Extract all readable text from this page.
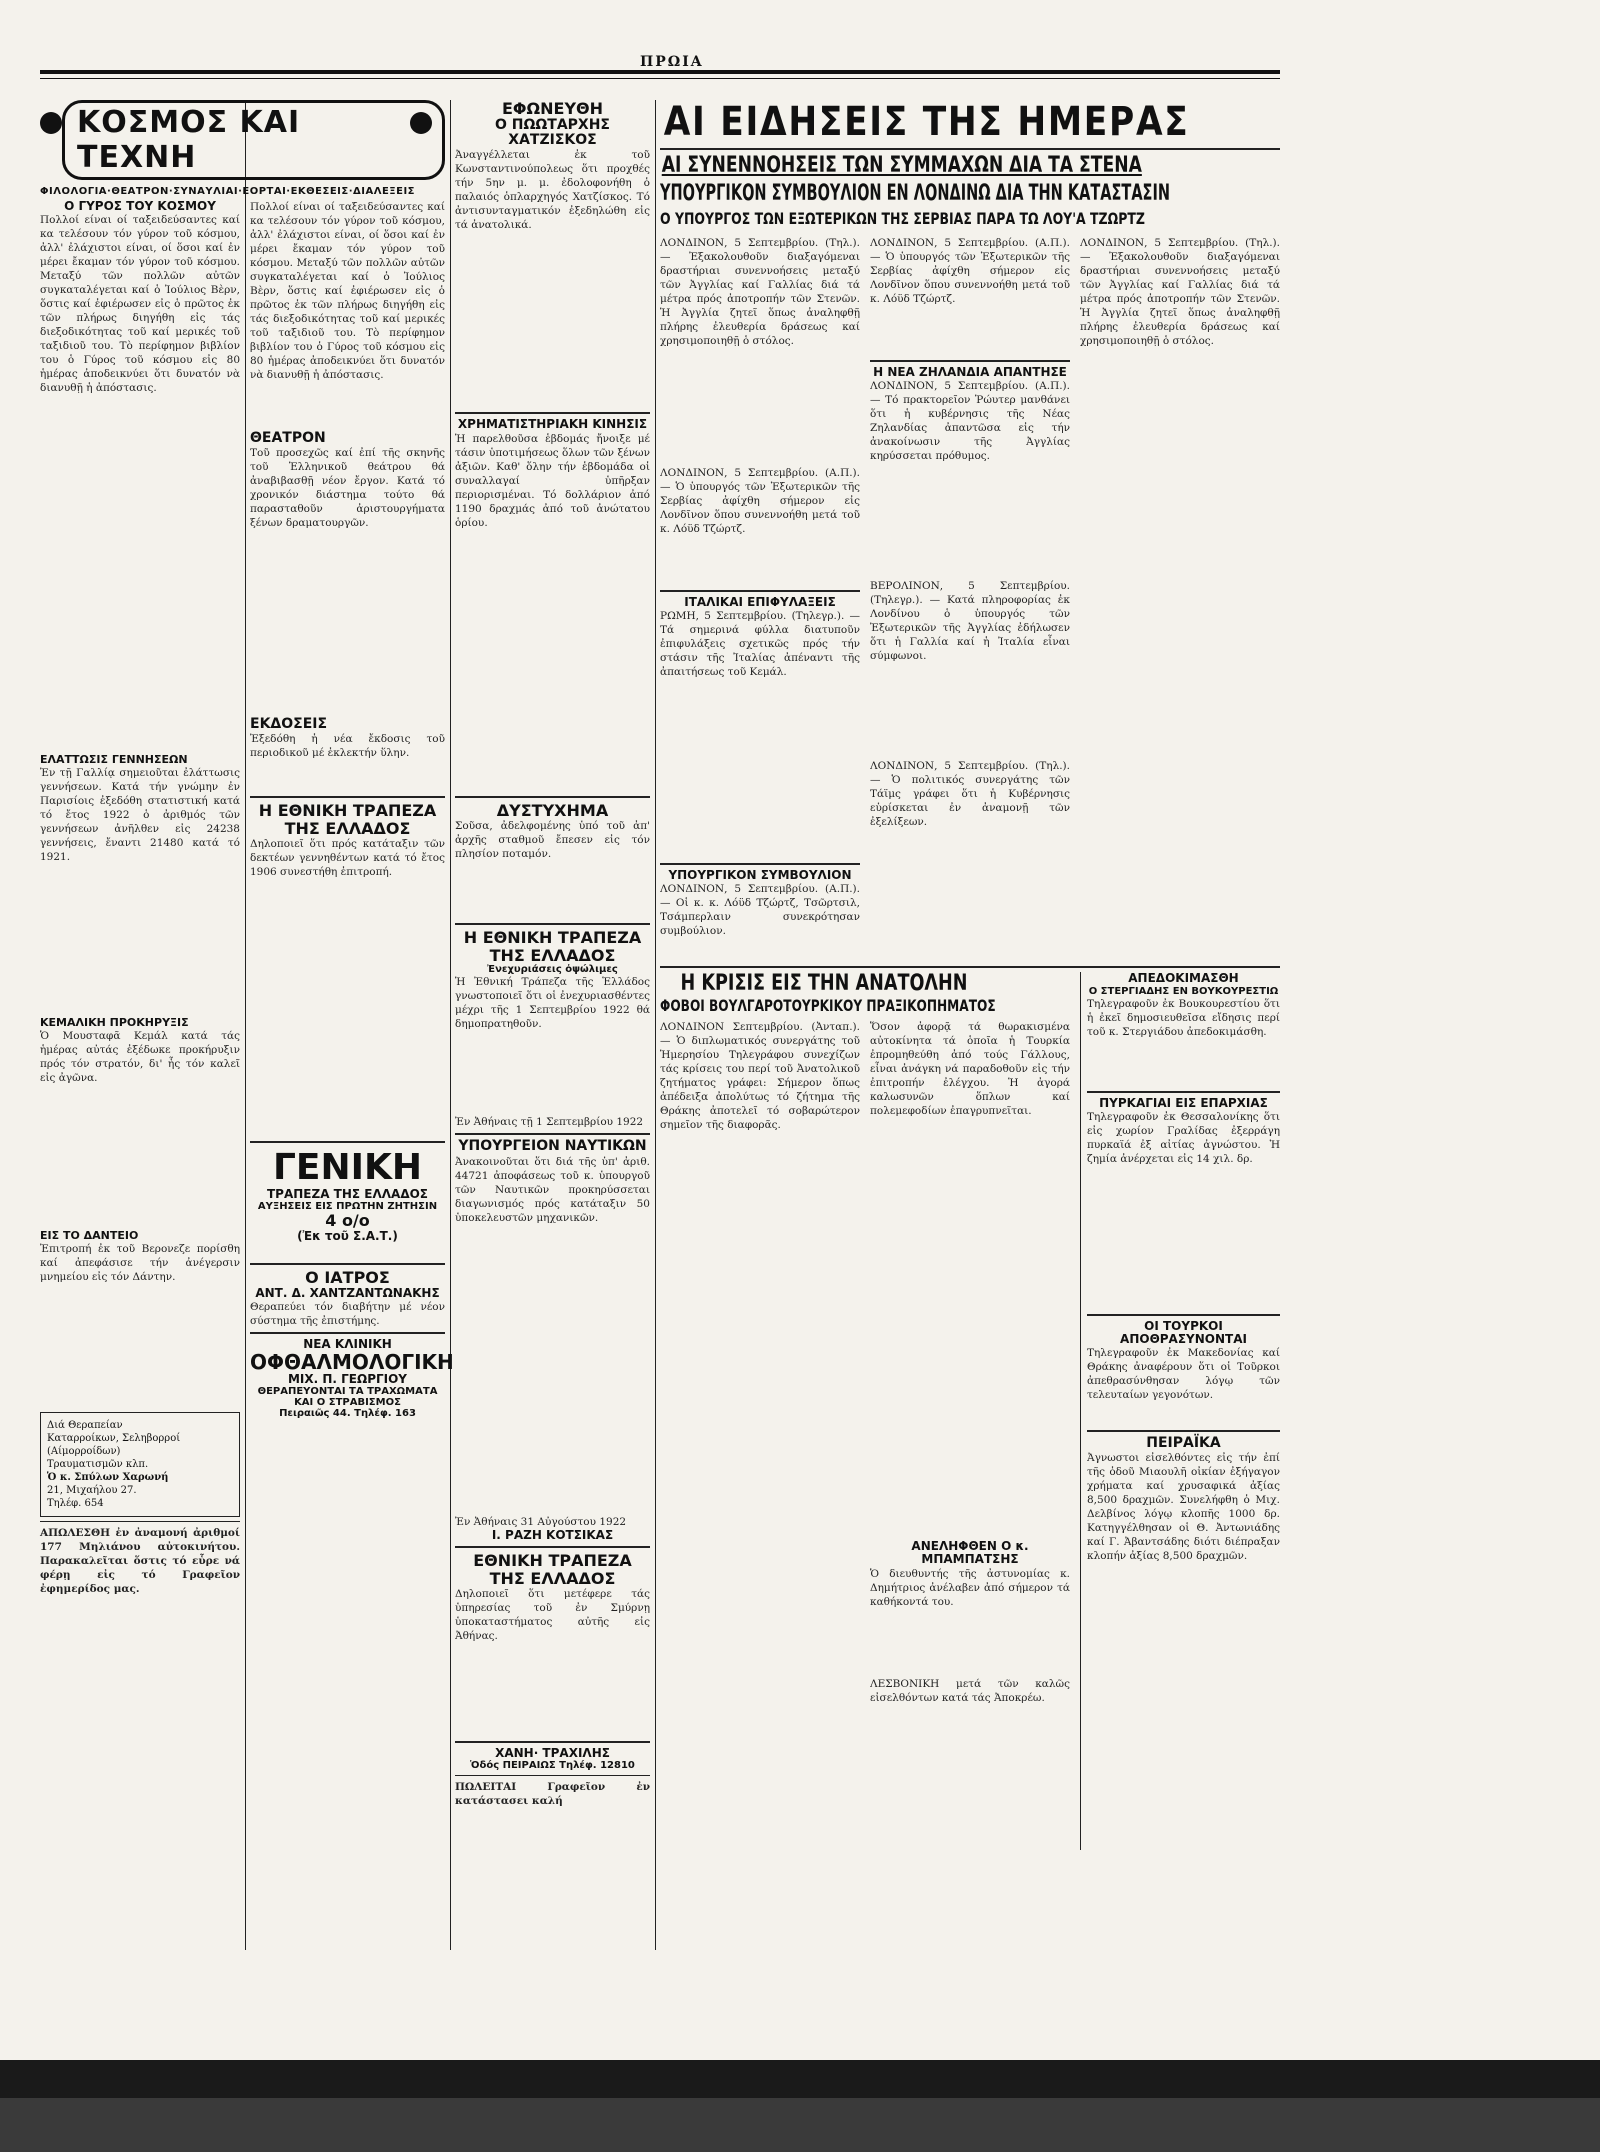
ΠΡΩΙΑ
ΚΟΣΜΟΣ ΚΑΙ ΤΕΧΝΗ
ΦΙΛΟΛΟΓΙΑ·ΘΕΑΤΡΟΝ·ΣΥΝΑΥΛΙΑΙ·ΕΟΡΤΑΙ·ΕΚΘΕΣΕΙΣ·ΔΙΑΛΕΞΕΙΣ
Ο ΓΥΡΟΣ ΤΟΥ ΚΟΣΜΟΥ
Πολλοί είναι οί ταξειδεύσαντες καί κα τελέσουν τόν γύρον τοῦ κόσμου, ἀλλ' ἐλάχιστοι είναι, οί ὅσοι καί ἐν μέρει ἔκαμαν τόν γύρον τοῦ κόσμου. Μεταξύ τῶν πολλῶν αὐτῶν συγκαταλέγεται καί ὁ Ἰούλιος Βὲρν, ὅστις καί ἐφιέρωσεν εἰς ὁ πρῶτος ἐκ τῶν πλήρως διηγήθη εἰς τάς διεξοδικότητας τοῦ καί μερικές τοῦ ταξιδιοῦ του. Τὸ περίφημον βιβλίον του ὁ Γύρος τοῦ κόσμου εἰς 80 ἡμέρας ἀποδεικνύει ὅτι δυνατόν νὰ διανυθῇ ἡ ἀπόστασις.
ΕΛΑΤΤΩΣΙΣ ΓΕΝΝΗΣΕΩΝ
Ἐν τῇ Γαλλίᾳ σημειοῦται ἐλάττωσις γεννήσεων. Κατά τήν γνώμην ἐν Παρισίοις ἐξεδόθη στατιστική κατά τό ἔτος 1922 ὁ ἀριθμός τῶν γεννήσεων ἀνῆλθεν εἰς 24238 γεννήσεις, ἔναντι 21480 κατά τό 1921.
ΚΕΜΑΛΙΚΗ ΠΡΟΚΗΡΥΞΙΣ
Ὁ Μουσταφᾶ Κεμάλ κατά τάς ἡμέρας αὐτάς ἐξέδωκε προκήρυξιν πρός τόν στρατόν, δι' ἧς τόν καλεῖ εἰς ἀγῶνα.
ΕΙΣ ΤΟ ΔΑΝΤΕΙΟ
Ἐπιτροπή ἐκ τοῦ Βερονεζε πορίσθη καί ἀπεφάσισε τήν ἀνέγερσιν μνημείου εἰς τόν Δάντην.
Διά Θεραπείαν
Καταρροίκων, Σεληβορροί (Αίμορροίδων)
Τραυματισμῶν κλπ.
Ὁ κ. Σπύλων Χαρωνή
21, Μιχαήλου 27.
Τηλέφ. 654
ΑΠΩΛΕΣΘΗ ἐν ἀναμονή ἀριθμοί 177 Μηλιάνου αὐτοκινήτου. Παρακαλεῖται ὅστις τό εὗρε νά φέρῃ εἰς τό Γραφεῖον ἐφημερίδος μας.
Πολλοί είναι οί ταξειδεύσαντες καί κα τελέσουν τόν γύρον τοῦ κόσμου, ἀλλ' ἐλάχιστοι είναι, οί ὅσοι καί ἐν μέρει ἔκαμαν τόν γύρον τοῦ κόσμου. Μεταξύ τῶν πολλῶν αὐτῶν συγκαταλέγεται καί ὁ Ἰούλιος Βὲρν, ὅστις καί ἐφιέρωσεν εἰς ὁ πρῶτος ἐκ τῶν πλήρως διηγήθη εἰς τάς διεξοδικότητας τοῦ καί μερικές τοῦ ταξιδιοῦ του. Τὸ περίφημον βιβλίον του ὁ Γύρος τοῦ κόσμου εἰς 80 ἡμέρας ἀποδεικνύει ὅτι δυνατόν νὰ διανυθῇ ἡ ἀπόστασις.
ΘΕΑΤΡΟΝ
Τοῦ προσεχῶς καί ἐπί τῆς σκηνῆς τοῦ Ἑλληνικοῦ θεάτρου θά ἀναβιβασθῇ νέον ἔργον. Κατά τό χρονικόν διάστημα τούτο θά παρασταθοῦν ἀριστουργήματα ξένων δραματουργῶν.
ΕΚΔΟΣΕΙΣ
Ἐξεδόθη ἡ νέα ἔκδοσις τοῦ περιοδικοῦ μέ ἐκλεκτήν ὕλην.
Η ΕΘΝΙΚΗ ΤΡΑΠΕΖΑ ΤΗΣ ΕΛΛΑΔΟΣ
Δηλοποιεῖ ὅτι πρός κατάταξιν τῶν δεκτέων γεννηθέντων κατά τό ἔτος 1906 συνεστήθη ἐπιτροπή.
ΓΕΝΙΚΗ
ΤΡΑΠΕΖΑ ΤΗΣ ΕΛΛΑΔΟΣ
ΑΥΞΗΣΕΙΣ ΕΙΣ ΠΡΩΤΗΝ ΖΗΤΗΣΙΝ
4 o/o
(Ἐκ τοῦ Σ.Α.Τ.)
Ο ΙΑΤΡΟΣ
ΑΝΤ. Δ. ΧΑΝΤΖΑΝΤΩΝΑΚΗΣ
Θεραπεύει τόν διαβήτην μέ νέον σύστημα τῆς ἐπιστήμης.
ΝΕΑ ΚΛΙΝΙΚΗ
ΟΦΘΑΛΜΟΛΟΓΙΚΗ
ΜΙΧ. Π. ΓΕΩΡΓΙΟΥ
ΘΕΡΑΠΕΥΟΝΤΑΙ ΤΑ ΤΡΑΧΩΜΑΤΑ ΚΑΙ Ο ΣΤΡΑΒΙΣΜΟΣ
Πειραιῶς 44. Τηλέφ. 163
ΕΦΩΝΕΥΘΗ
Ο ΠΩΩΤΑΡΧΗΣ ΧΑΤΖΙΣΚΟΣ
Ἀναγγέλλεται ἐκ τοῦ Κωνσταντινούπολεως ὅτι προχθές τήν 5ην μ. μ. ἐδολοφονήθη ὁ παλαιός ὁπλαρχηγός Χατζίσκος. Τό ἀντισυνταγματικόν ἐξεδηλώθη εἰς τά ἀνατολικά.
ΧΡΗΜΑΤΙΣΤΗΡΙΑΚΗ ΚΙΝΗΣΙΣ
Ἡ παρελθοῦσα ἑβδομάς ἤνοιξε μέ τάσιν ὑποτιμήσεως ὅλων τῶν ξένων ἀξιῶν. Καθ' ὅλην τήν ἑβδομάδα οἱ συναλλαγαί ὑπῆρξαν περιορισμέναι. Τό δολλάριον ἀπό 1190 δραχμάς ἀπό τοῦ ἀνώτατου ὁρίου.
ΔΥΣΤΥΧΗΜΑ
Σοῦσα, ἀδελφομένης ὑπό τοῦ ἀπ' ἀρχῆς σταθμοῦ ἔπεσεν εἰς τόν πλησίον ποταμόν.
Η ΕΘΝΙΚΗ ΤΡΑΠΕΖΑ ΤΗΣ ΕΛΛΑΔΟΣ
Ἐνεχυριάσεις ὀψώλιμες
Ἡ Ἐθνική Τράπεζα τῆς Ἑλλάδος γνωστοποιεῖ ὅτι οἱ ἐνεχυριασθέντες μέχρι τῆς 1 Σεπτεμβρίου 1922 θά δημοπρατηθοῦν.
Ἐν Ἀθήναις τῇ 1 Σεπτεμβρίου 1922
ΥΠΟΥΡΓΕΙΟΝ ΝΑΥΤΙΚΩΝ
Ἀνακοινοῦται ὅτι διά τῆς ὑπ' ἀριθ. 44721 ἀποφάσεως τοῦ κ. ὑπουργοῦ τῶν Ναυτικῶν προκηρύσσεται διαγωνισμός πρός κατάταξιν 50 ὑποκελευστῶν μηχανικῶν.
Ἐν Ἀθήναις 31 Αὐγούστου 1922
Ι. ΡΑΖΗ ΚΟΤΣΙΚΑΣ
ΕΘΝΙΚΗ ΤΡΑΠΕΖΑ ΤΗΣ ΕΛΛΑΔΟΣ
Δηλοποιεῖ ὅτι μετέφερε τάς ὑπηρεσίας τοῦ ἐν Σμύρνῃ ὑποκαταστήματος αὐτῆς εἰς Ἀθήνας.
ΧΑΝΗ· ΤΡΑΧΙΛΗΣ
Ὁδός ΠΕΙΡΑΙΩΣ Τηλέφ. 12810
ΠΩΛΕΙΤΑΙ Γραφεῖον ἐν κατάστασει καλή
ΑΙ ΕΙΔΗΣΕΙΣ ΤΗΣ ΗΜΕΡΑΣ
ΑΙ ΣΥΝΕΝΝΟΗΣΕΙΣ ΤΩΝ ΣΥΜΜΑΧΩΝ ΔΙΑ ΤΑ ΣΤΕΝΑ
ΥΠΟΥΡΓΙΚΟΝ ΣΥΜΒΟΥΛΙΟΝ ΕΝ ΛΟΝΔΙΝΩ ΔΙΑ ΤΗΝ ΚΑΤΑΣΤΑΣΙΝ
Ο ΥΠΟΥΡΓΟΣ ΤΩΝ ΕΞΩΤΕΡΙΚΩΝ ΤΗΣ ΣΕΡΒΙΑΣ ΠΑΡΑ ΤΩ ΛΟΥ'Α ΤΖΩΡΤΖ
ΛΟΝΔΙΝΟΝ, 5 Σεπτεμβρίου. (Τηλ.). — Ἐξακολουθοῦν διαξαγόμεναι δραστήριαι συνεννοήσεις μεταξύ τῶν Ἀγγλίας καί Γαλλίας διά τά μέτρα πρός ἀποτροπήν τῶν Στενῶν. Ἡ Ἀγγλία ζητεῖ ὅπως ἀναληφθῇ πλήρης ἐλευθερία δράσεως καί χρησιμοποιηθῇ ὁ στόλος.
ΛΟΝΔΙΝΟΝ, 5 Σεπτεμβρίου. (Α.Π.). — Ὁ ὑπουργός τῶν Ἐξωτερικῶν τῆς Σερβίας ἀφίχθη σήμερον εἰς Λονδῖνον ὅπου συνεννοήθη μετά τοῦ κ. Λόϋδ Τζώρτζ.
ΙΤΑΛΙΚΑΙ ΕΠΙΦΥΛΑΞΕΙΣ
ΡΩΜΗ, 5 Σεπτεμβρίου. (Τηλεγρ.). — Τά σημερινά φύλλα διατυποῦν ἐπιφυλάξεις σχετικῶς πρός τήν στάσιν τῆς Ἰταλίας ἀπέναντι τῆς ἀπαιτήσεως τοῦ Κεμάλ.
ΥΠΟΥΡΓΙΚΟΝ ΣΥΜΒΟΥΛΙΟΝ
ΛΟΝΔΙΝΟΝ, 5 Σεπτεμβρίου. (Α.Π.). — Οἱ κ. κ. Λόϋδ Τζώρτζ, Τσῶρτσιλ, Τσάμπερλαιν συνεκρότησαν συμβούλιον.
ΛΟΝΔΙΝΟΝ, 5 Σεπτεμβρίου. (Α.Π.). — Ὁ ὑπουργός τῶν Ἐξωτερικῶν τῆς Σερβίας ἀφίχθη σήμερον εἰς Λονδῖνον ὅπου συνεννοήθη μετά τοῦ κ. Λόϋδ Τζώρτζ.
Η ΝΕΑ ΖΗΛΑΝΔΙΑ ΑΠΑΝΤΗΣΕ
ΛΟΝΔΙΝΟΝ, 5 Σεπτεμβρίου. (Α.Π.). — Τό πρακτορεῖον Ῥώυτερ μανθάνει ὅτι ἡ κυβέρνησις τῆς Νέας Ζηλανδίας ἀπαντῶσα εἰς τήν ἀνακοίνωσιν τῆς Ἀγγλίας κηρύσσεται πρόθυμος.
ΒΕΡΟΛΙΝΟΝ, 5 Σεπτεμβρίου. (Τηλεγρ.). — Κατά πληροφορίας ἐκ Λονδίνου ὁ ὑπουργός τῶν Ἐξωτερικῶν τῆς Ἀγγλίας ἐδήλωσεν ὅτι ἡ Γαλλία καί ἡ Ἰταλία εἶναι σύμφωνοι.
ΛΟΝΔΙΝΟΝ, 5 Σεπτεμβρίου. (Τηλ.). — Ὁ πολιτικός συνεργάτης τῶν Τάϊμς γράφει ὅτι ἡ Κυβέρνησις εὑρίσκεται ἐν ἀναμονῇ τῶν ἐξελίξεων.
ΛΟΝΔΙΝΟΝ, 5 Σεπτεμβρίου. (Τηλ.). — Ἐξακολουθοῦν διαξαγόμεναι δραστήριαι συνεννοήσεις μεταξύ τῶν Ἀγγλίας καί Γαλλίας διά τά μέτρα πρός ἀποτροπήν τῶν Στενῶν. Ἡ Ἀγγλία ζητεῖ ὅπως ἀναληφθῇ πλήρης ἐλευθερία δράσεως καί χρησιμοποιηθῇ ὁ στόλος.
Η ΚΡΙΣΙΣ ΕΙΣ ΤΗΝ ΑΝΑΤΟΛΗΝ
ΦΟΒΟΙ ΒΟΥΛΓΑΡΟΤΟΥΡΚΙΚΟΥ ΠΡΑΞΙΚΟΠΗΜΑΤΟΣ
ΛΟΝΔΙΝΟΝ Σεπτεμβρίου. (Ἀνταπ.). — Ὁ διπλωματικός συνεργάτης τοῦ Ἡμερησίου Τηλεγράφου συνεχίζων τάς κρίσεις του περί τοῦ Ἀνατολικοῦ ζητήματος γράφει: Σήμερον ὅπως ἀπέδειξα ἀπολύτως τό ζήτημα τῆς Θράκης ἀποτελεῖ τό σοβαρώτερον σημεῖον τῆς διαφορᾶς.
Ὅσον ἀφορᾷ τά θωρακισμένα αὐτοκίνητα τά ὁποῖα ἡ Τουρκία ἐπρομηθεύθη ἀπό τούς Γάλλους, εἶναι ἀνάγκη νά παραδοθοῦν εἰς τήν ἐπιτροπήν ἐλέγχου. Ἡ ἀγορά καλωσυνῶν ὅπλων καί πολεμεφοδίων ἐπαγρυπνεῖται.
ΑΝΕΛΗΦΘΕΝ Ο κ. ΜΠΑΜΠΑΤΣΗΣ
Ὁ διευθυντής τῆς ἀστυνομίας κ. Δημήτριος ἀνέλαβεν ἀπό σήμερον τά καθήκοντά του.
ΛΕΣΒΟΝΙΚΗ μετά τῶν καλῶς εἰσελθόντων κατά τάς Ἀποκρέω.
ΑΠΕΔΟΚΙΜΑΣΘΗ
Ο ΣΤΕΡΓΙΑΔΗΣ ΕΝ ΒΟΥΚΟΥΡΕΣΤΙΩ
Τηλεγραφοῦν ἐκ Βουκουρεστίου ὅτι ἡ ἐκεῖ δημοσιευθεῖσα εἴδησις περί τοῦ κ. Στεργιάδου ἀπεδοκιμάσθη.
ΠΥΡΚΑΓΙΑΙ ΕΙΣ ΕΠΑΡΧΙΑΣ
Τηλεγραφοῦν ἐκ Θεσσαλονίκης ὅτι εἰς χωρίον Γραλίδας ἐξερράγη πυρκαϊά ἐξ αἰτίας ἀγνώστου. Ἡ ζημία ἀνέρχεται εἰς 14 χιλ. δρ.
ΟΙ ΤΟΥΡΚΟΙ ΑΠΟΘΡΑΣΥΝΟΝΤΑΙ
Τηλεγραφοῦν ἐκ Μακεδονίας καί Θράκης ἀναφέρουν ὅτι οἱ Τοῦρκοι ἀπεθρασύνθησαν λόγῳ τῶν τελευταίων γεγονότων.
ΠΕΙΡΑΪΚΑ
Ἀγνωστοι εἰσελθόντες εἰς τήν ἐπί τῆς ὁδοῦ Μιαουλῆ οἰκίαν ἐξήγαγον χρήματα καί χρυσαφικά ἀξίας 8,500 δραχμῶν. Συνελήφθη ὁ Μιχ. Δελβίνος λόγῳ κλοπῆς 1000 δρ. Κατηγγέλθησαν οἱ Θ. Ἀντωνιάδης καί Γ. Ἀβαντσάδης διότι διέπραξαν κλοπήν ἀξίας 8,500 δραχμῶν.
